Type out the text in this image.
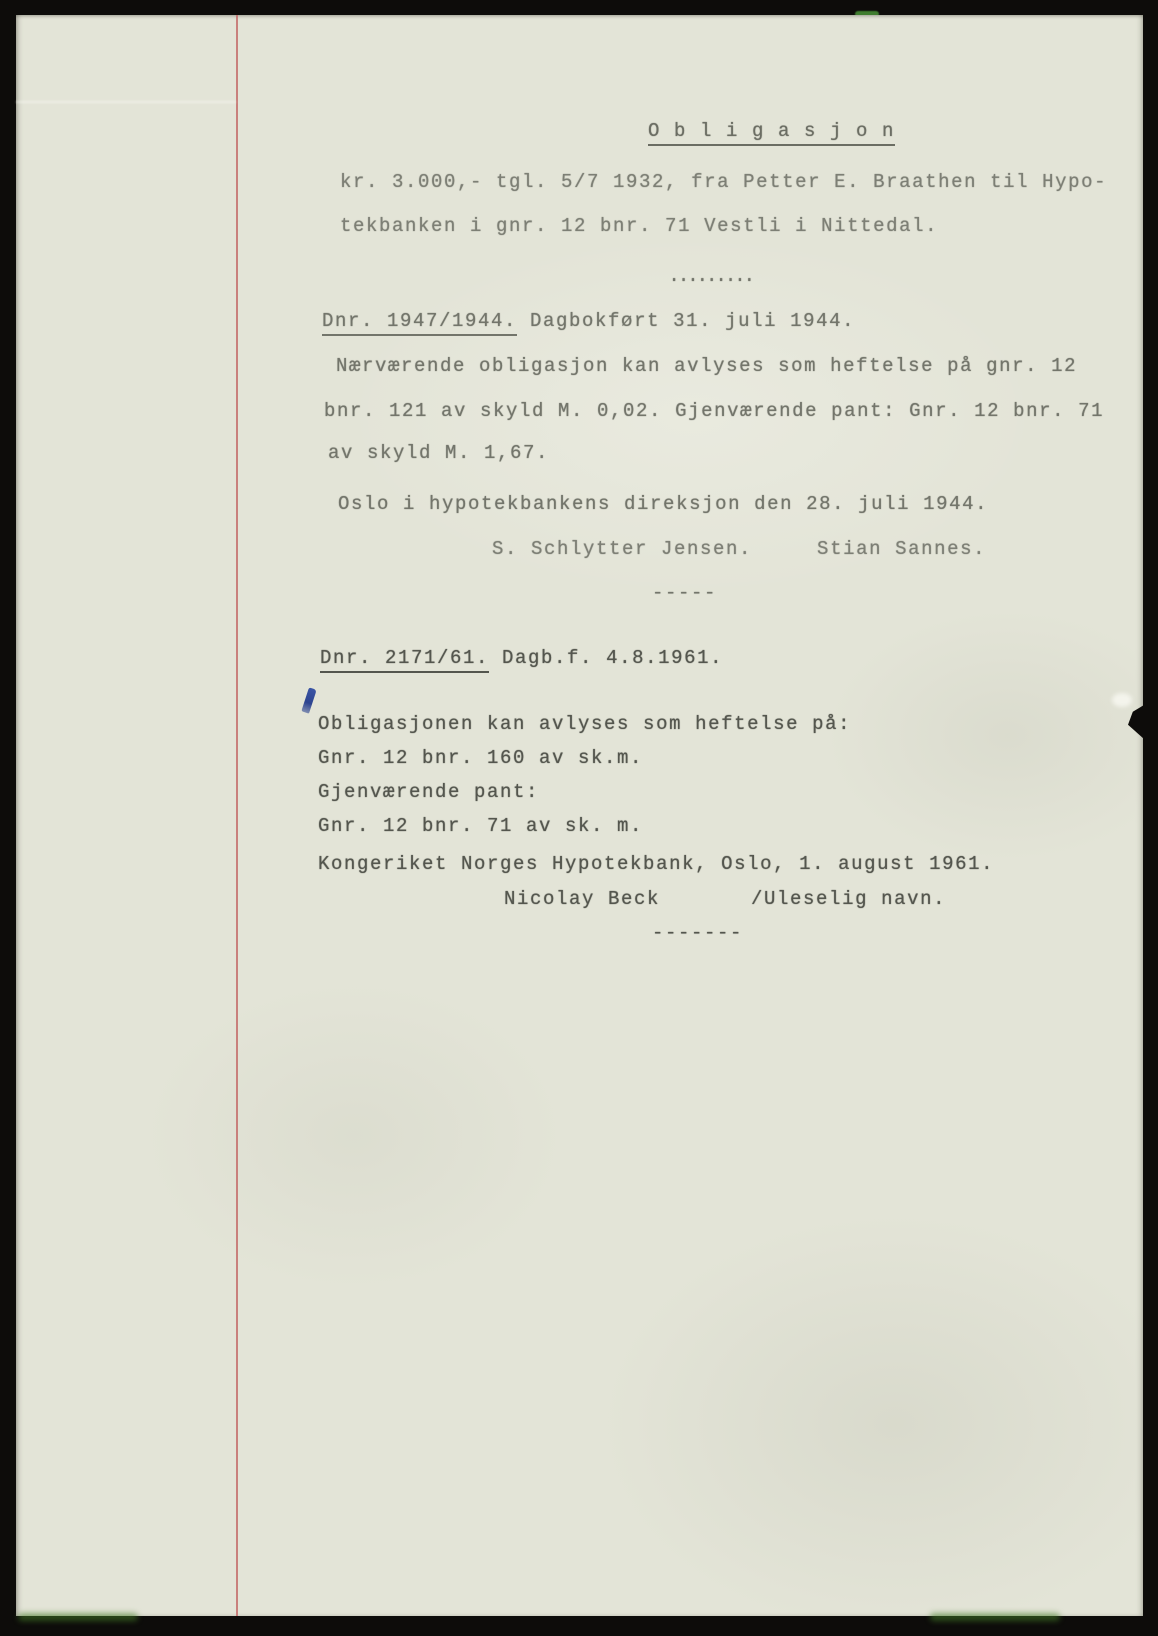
O b l i g a s j o n

kr. 3.000,- tgl. 5/7 1932, fra Petter E. Braathen til Hypo-

tekbanken i gnr. 12 bnr. 71 Vestli i Nittedal.

.........

Dnr. 1947/1944. Dagbokført 31. juli 1944.

Nærværende obligasjon kan avlyses som heftelse på gnr. 12

bnr. 121 av skyld M. 0,02. Gjenværende pant: Gnr. 12 bnr. 71

av skyld M. 1,67.

Oslo i hypotekbankens direksjon den 28. juli 1944.

S. Schlytter Jensen.     Stian Sannes.

-----

Dnr. 2171/61. Dagb.f. 4.8.1961.

Obligasjonen kan avlyses som heftelse på:

Gnr. 12 bnr. 160 av sk.m.

Gjenværende pant:

Gnr. 12 bnr. 71 av sk. m.

Kongeriket Norges Hypotekbank, Oslo, 1. august 1961.

Nicolay Beck       /Uleselig navn.

-------
